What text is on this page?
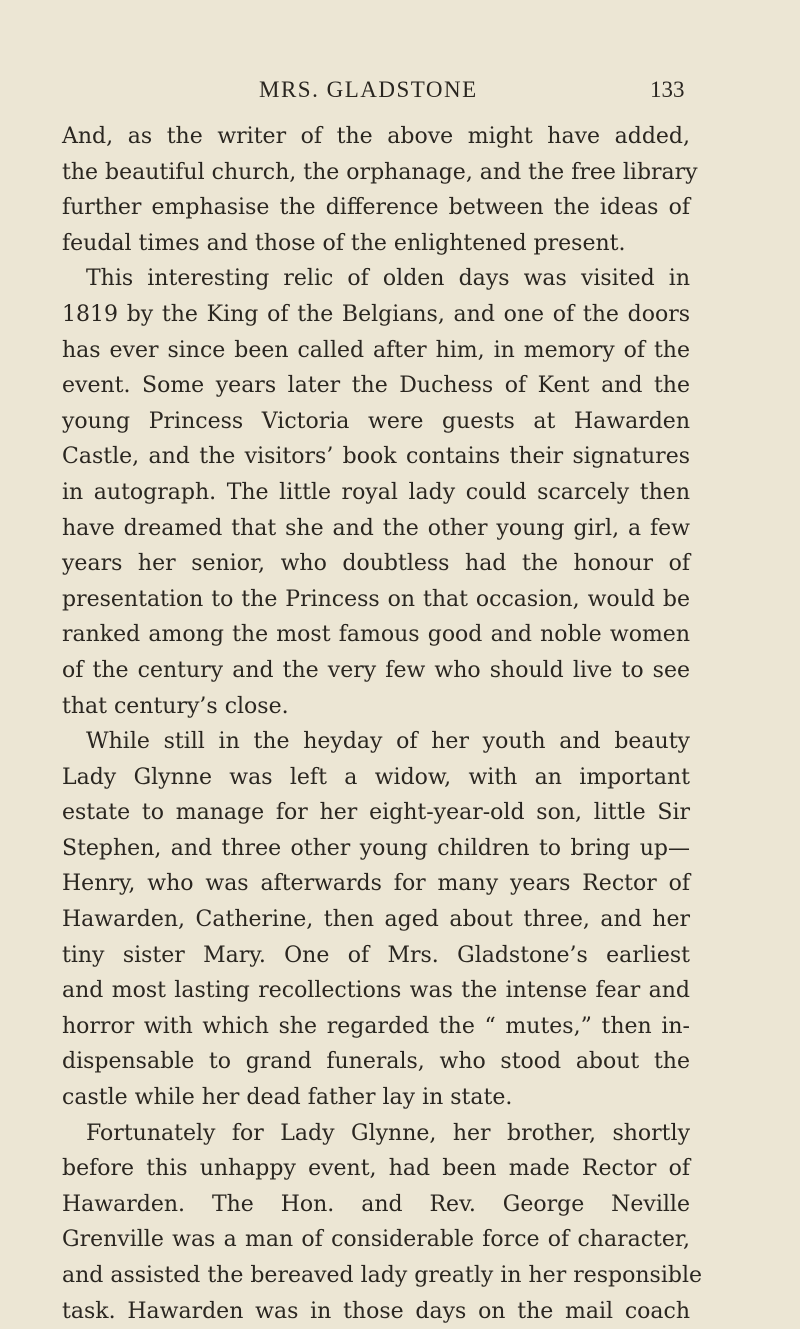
MRS. GLADSTONE	133
And, as the writer of the above might have added,
the beautiful church, the orphanage, and the free library
further emphasise the difference between the ideas of
feudal times and those of the enlightened present.
This interesting relic of olden days was visited in
1819 by the King of the Belgians, and one of the doors
has ever since been called after him, in memory of the
event. Some years later the Duchess of Kent and the
young Princess Victoria were guests at Hawarden
Castle, and the visitors’ book contains their signatures
in autograph. The little royal lady could scarcely then
have dreamed that she and the other young girl, a few
years her senior, who doubtless had the honour of
presentation to the Princess on that occasion, would be
ranked among the most famous good and noble women
of the century and the very few who should live to see
that century’s close.
While still in the heyday of her youth and beauty
Lady Glynne was left a widow, with an important
estate to manage for her eight-year-old son, little Sir
Stephen, and three other young children to bring up—
Henry, who was afterwards for many years Rector of
Hawarden, Catherine, then aged about three, and her
tiny sister Mary. One of Mrs. Gladstone’s earliest
and most lasting recollections was the intense fear and
horror with which she regarded the “ mutes,” then in-
dispensable to grand funerals, who stood about the
castle while her dead father lay in state.
Fortunately for Lady Glynne, her brother, shortly
before this unhappy event, had been made Rector of
Hawarden. The Hon. and Rev. George Neville
Grenville was a man of considerable force of character,
and assisted the bereaved lady greatly in her responsible
task. Hawarden was in those days on the mail coach
